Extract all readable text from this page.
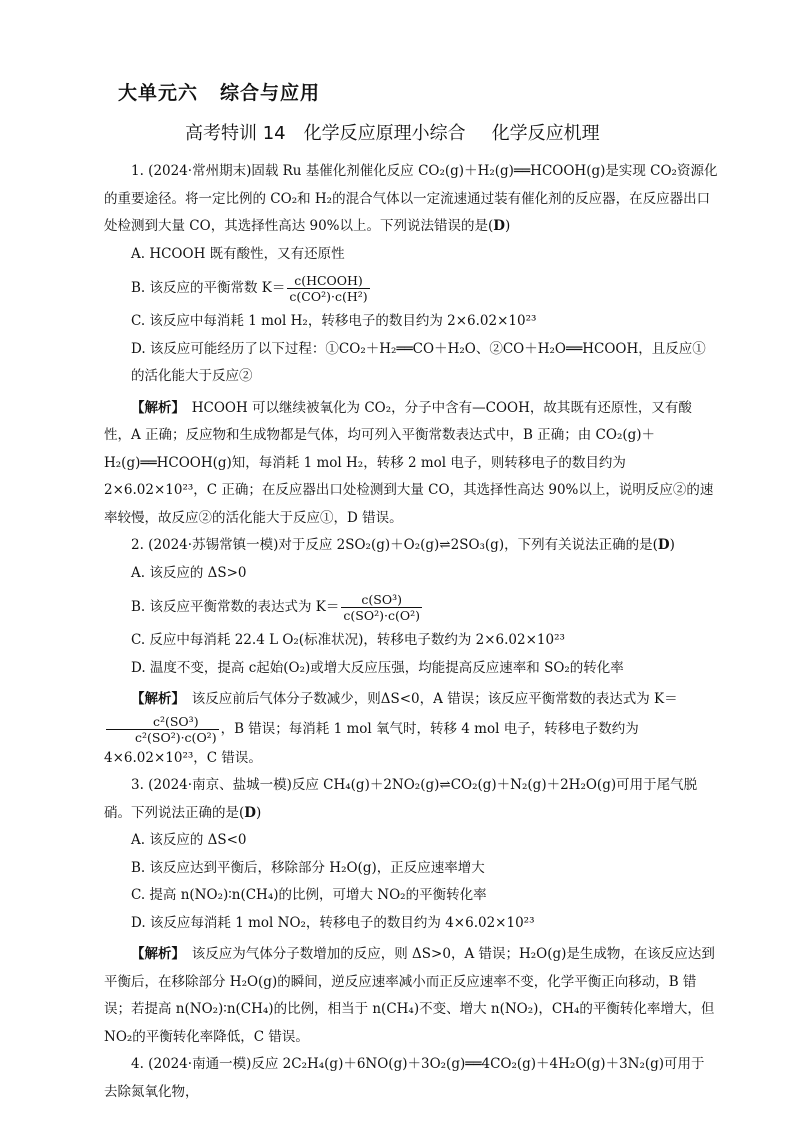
大单元六 综合与应用
高考特训 14　化学反应原理小综合 化学反应机理

1. (2024·常州期末)固载 Ru 基催化剂催化反应 CO₂(g)＋H₂(g)══HCOOH(g)是实现 CO₂资源化的重要途径。将一定比例的 CO₂和 H₂的混合气体以一定流速通过装有催化剂的反应器，在反应器出口处检测到大量 CO，其选择性高达 90%以上。下列说法错误的是(D)

A. HCOOH 既有酸性，又有还原性

B. 该反应的平衡常数 $K= \frac{\text{c(HCOOH)}}{\text{c(CO²)·c(H²)}}$

C. 该反应中每消耗 1 mol H₂，转移电子的数目约为 2×6.02×10²³

D. 该反应可能经历了以下过程：①CO₂＋H₂══CO＋H₂O、②CO＋H₂O══HCOOH，且反应①的活化能大于反应②

【解析】　 HCOOH 可以继续被氧化为 CO₂，分子中含有—COOH，故其既有还原性，又有酸性，A 正确；反应物和生成物都是气体，均可列入平衡常数表达式中，B 正确；由 CO₂(g)＋H₂(g)══HCOOH(g)知，每消耗 1 mol H₂，转移 2 mol 电子，则转移电子的数目约为 2×6.02×10²³，C 正确；在反应器出口处检测到大量 CO，其选择性高达 90%以上，说明反应②的速率较慢，故反应②的活化能大于反应①，D 错误。

2. (2024·苏锡常镇一模)对于反应 2SO₂(g)＋O₂(g)⇌2SO₃(g)，下列有关说法正确的是(D)

A. 该反应的 ΔS>0

B. 该反应平衡常数的表达式为 $K= \frac{\text{c(SO³)}}{\text{c(SO²)·c(O²)}}$

C. 反应中每消耗 22.4 L O₂(标准状况)，转移电子数约为 2×6.02×10²³

D. 温度不变，提高 c起始(O₂)或增大反应压强，均能提高反应速率和 SO₂的转化率

【解析】　 该反应前后气体分子数减少，则ΔS<0，A 错误；该反应平衡常数的表达式为 K＝
$\frac{\text{c²(SO³)}}{\text{c²(SO²)·c(O²)}}$ ，B 错误；每消耗 1 mol 氧气时，转移 4 mol 电子，转移电子数约为 4×6.02×10²³，C 错误。

3. (2024·南京、盐城一模)反应 CH₄(g)＋2NO₂(g)⇌CO₂(g)＋N₂(g)＋2H₂O(g)可用于尾气脱硝。下列说法正确的是(D)

A. 该反应的 ΔS<0

B. 该反应达到平衡后，移除部分 H₂O(g)，正反应速率增大

C. 提高 n(NO₂)∶n(CH₄)的比例，可增大 NO₂的平衡转化率

D. 该反应每消耗 1 mol NO₂，转移电子的数目约为 4×6.02×10²³

【解析】　 该反应为气体分子数增加的反应，则 ΔS>0，A 错误；H₂O(g)是生成物，在该反应达到平衡后，在移除部分 H₂O(g)的瞬间，逆反应速率减小而正反应速率不变，化学平衡正向移动，B 错误；若提高 n(NO₂)∶n(CH₄)的比例，相当于 n(CH₄)不变、增大 n(NO₂)，CH₄的平衡转化率增大，但 NO₂的平衡转化率降低，C 错误。

4. (2024·南通一模)反应 2C₂H₄(g)＋6NO(g)＋3O₂(g)══4CO₂(g)＋4H₂O(g)＋3N₂(g)可用于去除氮氧化物，
